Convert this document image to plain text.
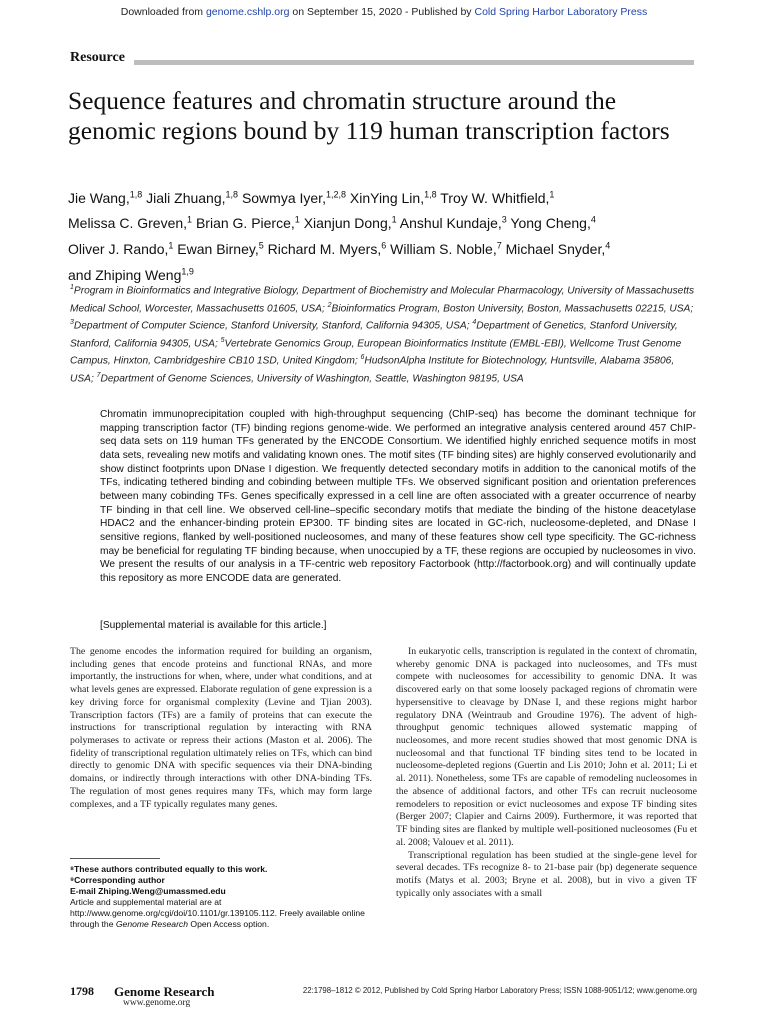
Downloaded from genome.cshlp.org on September 15, 2020 - Published by Cold Spring Harbor Laboratory Press
Resource
Sequence features and chromatin structure around the genomic regions bound by 119 human transcription factors
Jie Wang,$^{1,8}$ Jiali Zhuang,$^{1,8}$ Sowmya Iyer,$^{1,2,8}$ XinYing Lin,$^{1,8}$ Troy W. Whitfield,$^1$
Melissa C. Greven,$^1$ Brian G. Pierce,$^1$ Xianjun Dong,$^1$ Anshul Kundaje,$^3$ Yong Cheng,$^4$
Oliver J. Rando,$^1$ Ewan Birney,$^5$ Richard M. Myers,$^6$ William S. Noble,$^7$ Michael Snyder,$^4$
and Zhiping Weng$^{1,9}$
$^1$Program in Bioinformatics and Integrative Biology, Department of Biochemistry and Molecular Pharmacology, University of Massachusetts Medical School, Worcester, Massachusetts 01605, USA; $^2$Bioinformatics Program, Boston University, Boston, Massachusetts 02215, USA; $^3$Department of Computer Science, Stanford University, Stanford, California 94305, USA; $^4$Department of Genetics, Stanford University, Stanford, California 94305, USA; $^5$Vertebrate Genomics Group, European Bioinformatics Institute (EMBL-EBI), Wellcome Trust Genome Campus, Hinxton, Cambridgeshire CB10 1SD, United Kingdom; $^6$HudsonAlpha Institute for Biotechnology, Huntsville, Alabama 35806, USA; $^7$Department of Genome Sciences, University of Washington, Seattle, Washington 98195, USA

Chromatin immunoprecipitation coupled with high-throughput sequencing (ChIP-seq) has become the dominant technique for mapping transcription factor (TF) binding regions genome-wide. We performed an integrative analysis centered around 457 ChIP-seq data sets on 119 human TFs generated by the ENCODE Consortium. We identified highly enriched sequence motifs in most data sets, revealing new motifs and validating known ones. The motif sites (TF binding sites) are highly conserved evolutionarily and show distinct footprints upon DNase I digestion. We frequently detected secondary motifs in addition to the canonical motifs of the TFs, indicating tethered binding and cobinding between multiple TFs. We observed significant position and orientation preferences between many cobinding TFs. Genes specifically expressed in a cell line are often associated with a greater occurrence of nearby TF binding in that cell line. We observed cell-line–specific secondary motifs that mediate the binding of the histone deacetylase HDAC2 and the enhancer-binding protein EP300. TF binding sites are located in GC-rich, nucleosome-depleted, and DNase I sensitive regions, flanked by well-positioned nucleosomes, and many of these features show cell type specificity. The GC-richness may be beneficial for regulating TF binding because, when unoccupied by a TF, these regions are occupied by nucleosomes in vivo. We present the results of our analysis in a TF-centric web repository Factorbook (http://factorbook.org) and will continually update this repository as more ENCODE data are generated.

[Supplemental material is available for this article.]

The genome encodes the information required for building an organism, including genes that encode proteins and functional RNAs, and more importantly, the instructions for when, where, under what conditions, and at what levels genes are expressed. Elaborate regulation of gene expression is a key driving force for organismal complexity (Levine and Tjian 2003). Transcription factors (TFs) are a family of proteins that can execute the instructions for transcriptional regulation by interacting with RNA polymerases to activate or repress their actions (Maston et al. 2006). The fidelity of transcriptional regulation ultimately relies on TFs, which can bind directly to genomic DNA with specific sequences via their DNA-binding domains, or indirectly through interactions with other DNA-binding TFs. The regulation of most genes requires many TFs, which may form large complexes, and a TF typically regulates many genes.

In eukaryotic cells, transcription is regulated in the context of chromatin, whereby genomic DNA is packaged into nucleosomes, and TFs must compete with nucleosomes for accessibility to genomic DNA. It was discovered early on that some loosely packaged regions of chromatin were hypersensitive to cleavage by DNase I, and these regions might harbor regulatory DNA (Weintraub and Groudine 1976). The advent of high-throughput genomic techniques allowed systematic mapping of nucleosomes, and more recent studies showed that most genomic DNA is nucleosomal and that functional TF binding sites tend to be located in nucleosome-depleted regions (Guertin and Lis 2010; John et al. 2011; Li et al. 2011). Nonetheless, some TFs are capable of remodeling nucleosomes in the absence of additional factors, and other TFs can recruit nucleosome remodelers to reposition or evict nucleosomes and expose TF binding sites (Berger 2007; Clapier and Cairns 2009). Furthermore, it was reported that TF binding sites are flanked by multiple well-positioned nucleosomes (Fu et al. 2008; Valouev et al. 2011).

Transcriptional regulation has been studied at the single-gene level for several decades. TFs recognize 8- to 21-base pair (bp) degenerate sequence motifs (Matys et al. 2003; Bryne et al. 2008), but in vivo a given TF typically only associates with a small

⁸These authors contributed equally to this work.
⁹Corresponding author
E-mail Zhiping.Weng@umassmed.edu
Article and supplemental material are at http://www.genome.org/cgi/doi/10.1101/gr.139105.112. Freely available online through the Genome Research Open Access option.
1798 Genome Research
www.genome.org
22:1798–1812 © 2012, Published by Cold Spring Harbor Laboratory Press; ISSN 1088-9051/12; www.genome.org
